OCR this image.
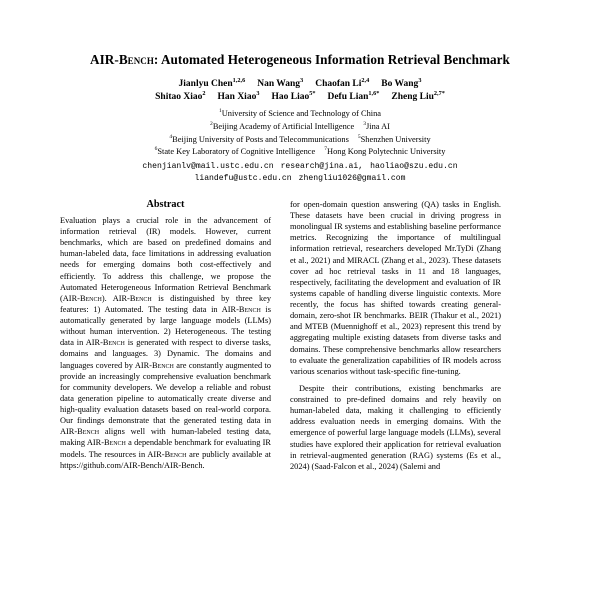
AIR-Bench: Automated Heterogeneous Information Retrieval Benchmark
Jianlyu Chen$^{1,2,6}$ Nan Wang$^3$ Chaofan Li$^{2,4}$ Bo Wang$^3$
Shitao Xiao$^2$ Han Xiao$^3$ Hao Liao$^{5*}$ Defu Lian$^{1,6*}$ Zheng Liu$^{2,7*}$
$^1$University of Science and Technology of China
$^2$Beijing Academy of Artificial Intelligence $^3$Jina AI
$^4$Beijing University of Posts and Telecommunications $^5$Shenzhen University
$^6$State Key Laboratory of Cognitive Intelligence $^7$Hong Kong Polytechnic University
chenjianlv@mail.ustc.edu.cn research@jina.ai, haoliao@szu.edu.cn
liandefu@ustc.edu.cn zhengliu1026@gmail.com
Abstract

Evaluation plays a crucial role in the advancement of information retrieval (IR) models. However, current benchmarks, which are based on predefined domains and human-labeled data, face limitations in addressing evaluation needs for emerging domains both cost-effectively and efficiently. To address this challenge, we propose the Automated Heterogeneous Information Retrieval Benchmark (AIR-Bench). AIR-Bench is distinguished by three key features: 1) Automated. The testing data in AIR-Bench is automatically generated by large language models (LLMs) without human intervention. 2) Heterogeneous. The testing data in AIR-Bench is generated with respect to diverse tasks, domains and languages. 3) Dynamic. The domains and languages covered by AIR-Bench are constantly augmented to provide an increasingly comprehensive evaluation benchmark for community developers. We develop a reliable and robust data generation pipeline to automatically create diverse and high-quality evaluation datasets based on real-world corpora. Our findings demonstrate that the generated testing data in AIR-Bench aligns well with human-labeled testing data, making AIR-Bench a dependable benchmark for evaluating IR models. The resources in AIR-Bench are publicly available at https://github.com/AIR-Bench/AIR-Bench.

for open-domain question answering (QA) tasks in English. These datasets have been crucial in driving progress in monolingual IR systems and establishing baseline performance metrics. Recognizing the importance of multilingual information retrieval, researchers developed Mr.TyDi (Zhang et al., 2021) and MIRACL (Zhang et al., 2023). These datasets cover ad hoc retrieval tasks in 11 and 18 languages, respectively, facilitating the development and evaluation of IR systems capable of handling diverse linguistic contexts. More recently, the focus has shifted towards creating general-domain, zero-shot IR benchmarks. BEIR (Thakur et al., 2021) and MTEB (Muennighoff et al., 2023) represent this trend by aggregating multiple existing datasets from diverse tasks and domains. These comprehensive benchmarks allow researchers to evaluate the generalization capabilities of IR models across various scenarios without task-specific fine-tuning.

Despite their contributions, existing benchmarks are constrained to pre-defined domains and rely heavily on human-labeled data, making it challenging to efficiently address evaluation needs in emerging domains. With the emergence of powerful large language models (LLMs), several studies have explored their application for retrieval evaluation in retrieval-augmented generation (RAG) systems (Es et al., 2024) (Saad-Falcon et al., 2024) (Salemi and
